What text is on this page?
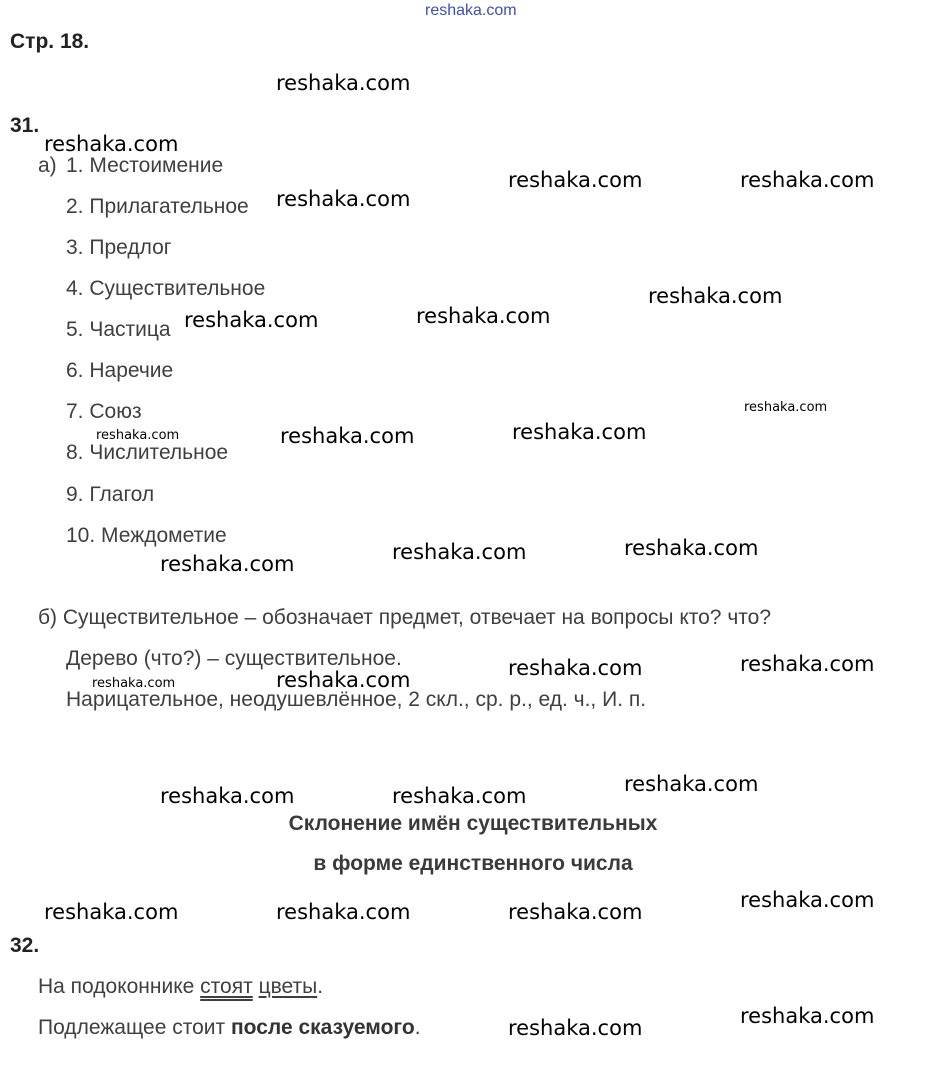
reshaka.com
Стр. 18.
31.
а) 1. Местоимение
2. Прилагательное
3. Предлог
4. Существительное
5. Частица
6. Наречие
7. Союз
8. Числительное
9. Глагол
10. Междометие
б) Существительное – обозначает предмет, отвечает на вопросы кто? что?
Дерево (что?) – существительное.
Нарицательное, неодушевлённое, 2 скл., ср. р., ед. ч., И. п.
Склонение имён существительных
в форме единственного числа
32.
На подоконнике стоят цветы.
Подлежащее стоит после сказуемого.
reshaka.com
reshaka.com
reshaka.com	reshaka.com
reshaka.com
reshaka.com
reshaka.com
reshaka.com
reshaka.com
reshaka.com
reshaka.com	reshaka.com
reshaka.com
reshaka.com
reshaka.com
reshaka.com
reshaka.com
reshaka.com
reshaka.com
reshaka.com
reshaka.com	reshaka.com
reshaka.com
reshaka.com	reshaka.com	reshaka.com
reshaka.com
reshaka.com
